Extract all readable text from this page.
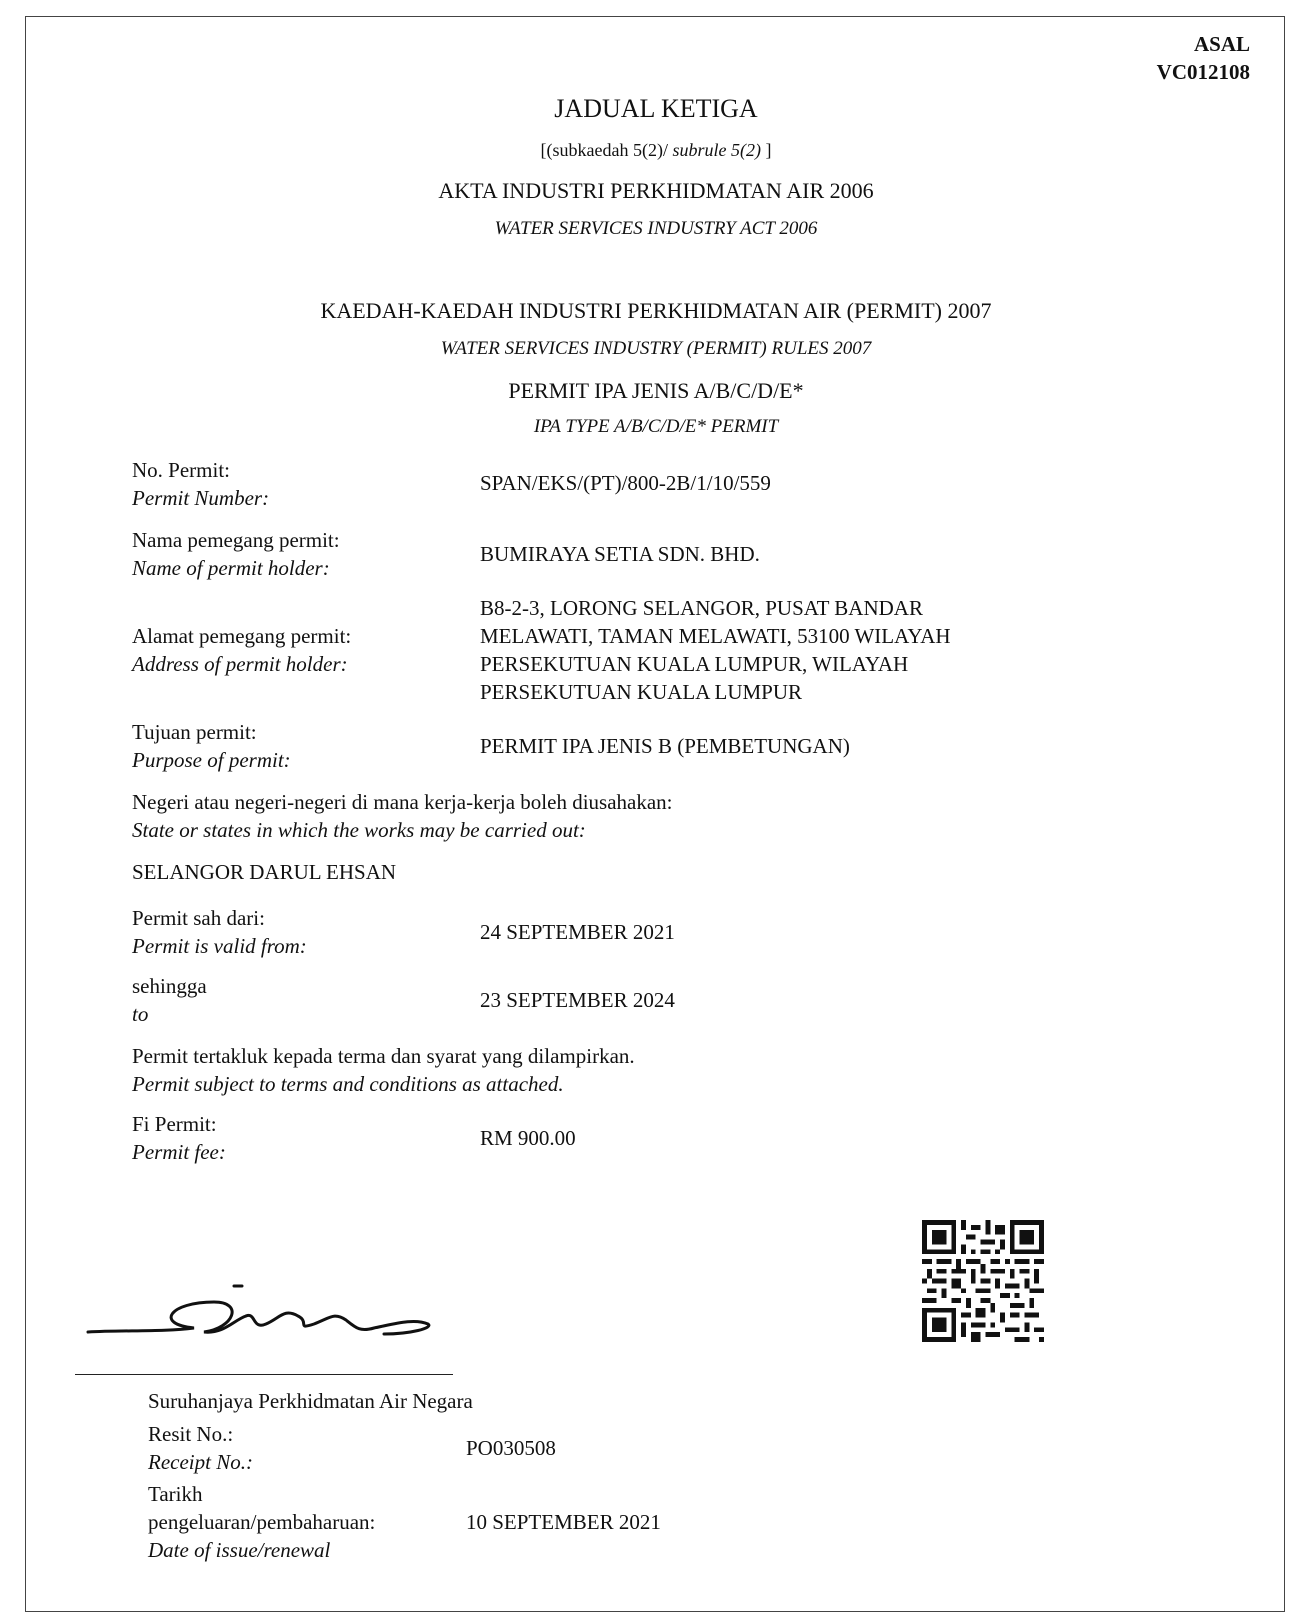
ASAL
VC012108
JADUAL KETIGA
[(subkaedah 5(2)/ subrule 5(2) ]
AKTA INDUSTRI PERKHIDMATAN AIR 2006
WATER SERVICES INDUSTRY ACT 2006
KAEDAH-KAEDAH INDUSTRI PERKHIDMATAN AIR (PERMIT) 2007
WATER SERVICES INDUSTRY (PERMIT) RULES 2007
PERMIT IPA JENIS A/B/C/D/E*
IPA TYPE A/B/C/D/E* PERMIT
No. Permit:
Permit Number:
SPAN/EKS/(PT)/800-2B/1/10/559
Nama pemegang permit:
Name of permit holder:
BUMIRAYA SETIA SDN. BHD.
Alamat pemegang permit:
Address of permit holder:
B8-2-3, LORONG SELANGOR, PUSAT BANDAR
MELAWATI, TAMAN MELAWATI, 53100 WILAYAH
PERSEKUTUAN KUALA LUMPUR, WILAYAH
PERSEKUTUAN KUALA LUMPUR
Tujuan permit:
Purpose of permit:
PERMIT IPA JENIS B (PEMBETUNGAN)
Negeri atau negeri-negeri di mana kerja-kerja boleh diusahakan:
State or states in which the works may be carried out:
SELANGOR DARUL EHSAN
Permit sah dari:
Permit is valid from:
24 SEPTEMBER 2021
sehingga
to
23 SEPTEMBER 2024
Permit tertakluk kepada terma dan syarat yang dilampirkan.
Permit subject to terms and conditions as attached.
Fi Permit:
Permit fee:
RM 900.00
Suruhanjaya Perkhidmatan Air Negara
Resit No.:
Receipt No.:
PO030508
Tarikh
pengeluaran/pembaharuan:
Date of issue/renewal
10 SEPTEMBER 2021
